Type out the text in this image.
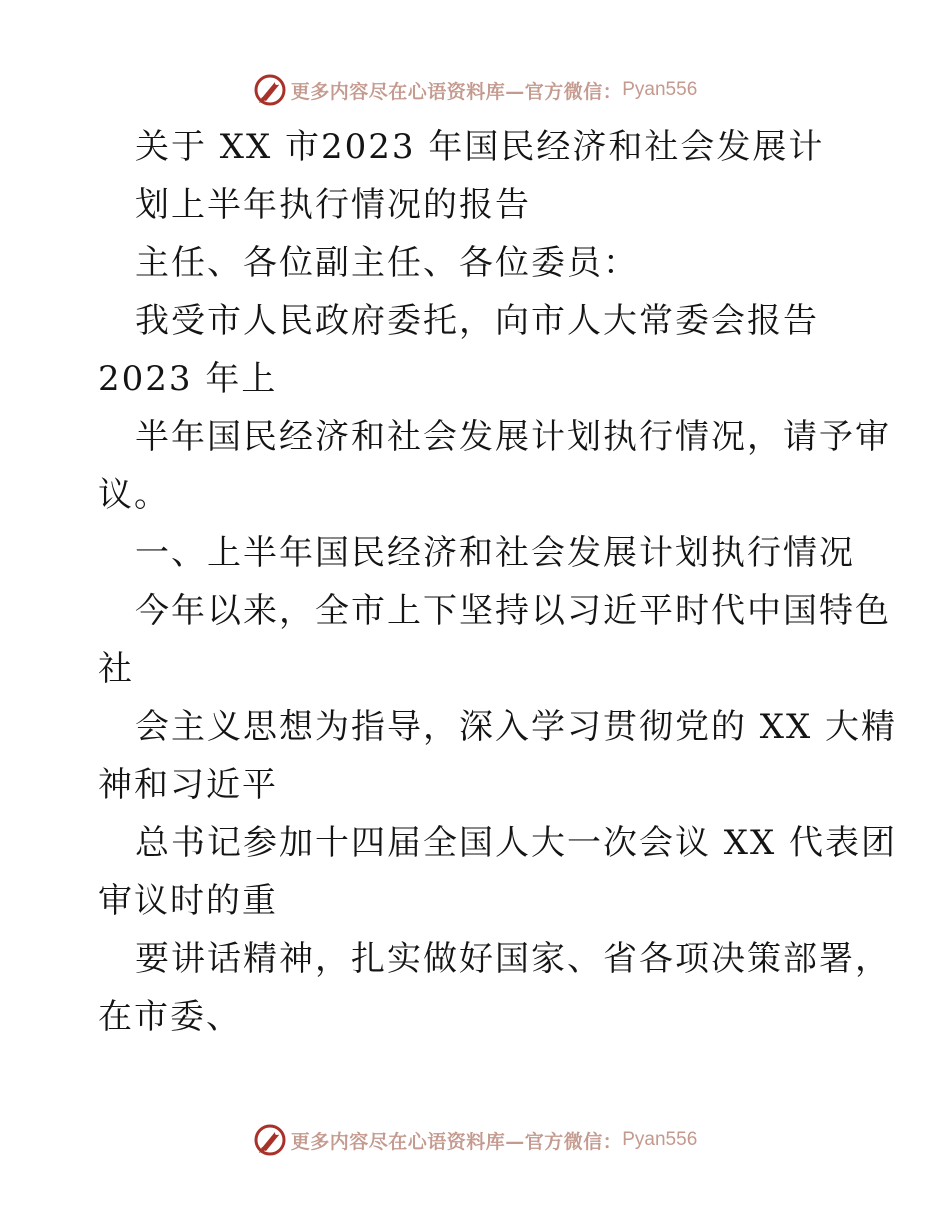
更多内容尽在心语资料库—官方微信： Pyan556
关于 XX 市2023 年国民经济和社会发展计
划上半年执行情况的报告
主任、各位副主任、各位委员：
我受市人民政府委托，向市人大常委会报告
2023 年上
半年国民经济和社会发展计划执行情况，请予审
议。
一、上半年国民经济和社会发展计划执行情况
今年以来，全市上下坚持以习近平时代中国特色
社
会主义思想为指导，深入学习贯彻党的 XX 大精
神和习近平
总书记参加十四届全国人大一次会议 XX 代表团
审议时的重
要讲话精神，扎实做好国家、省各项决策部署，
在市委、
更多内容尽在心语资料库—官方微信： Pyan556
